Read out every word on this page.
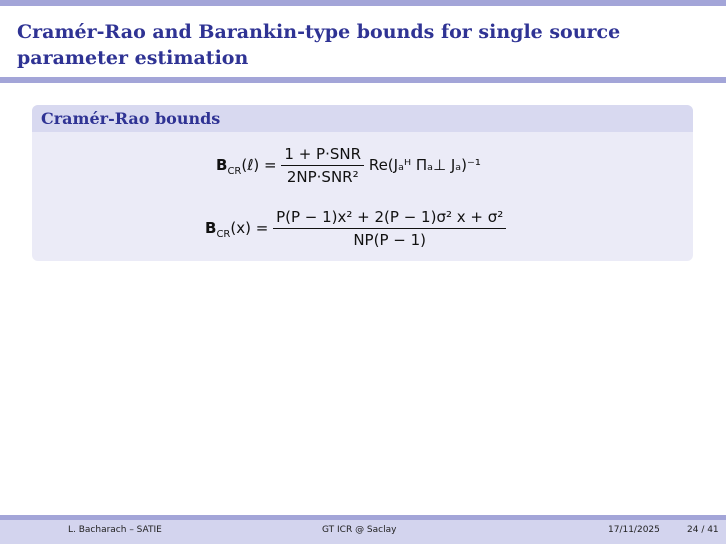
Cramér-Rao and Barankin-type bounds for single source parameter estimation
Cramér-Rao bounds
$B_{CR}(\ell) = \frac{\text{1 + P·SNR}}{\text{2NP·SNR²}}$ Re(Jₐᴴ Πₐ⊥ Jₐ)⁻¹
$B_{CR}(x) = \frac{\text{P(P − 1)x² + 2(P − 1)σ² x + σ²}}{NP(P - 1)}$
L. Bacharach – SATIE	GT ICR @ Saclay	17/11/2025	24 / 41
